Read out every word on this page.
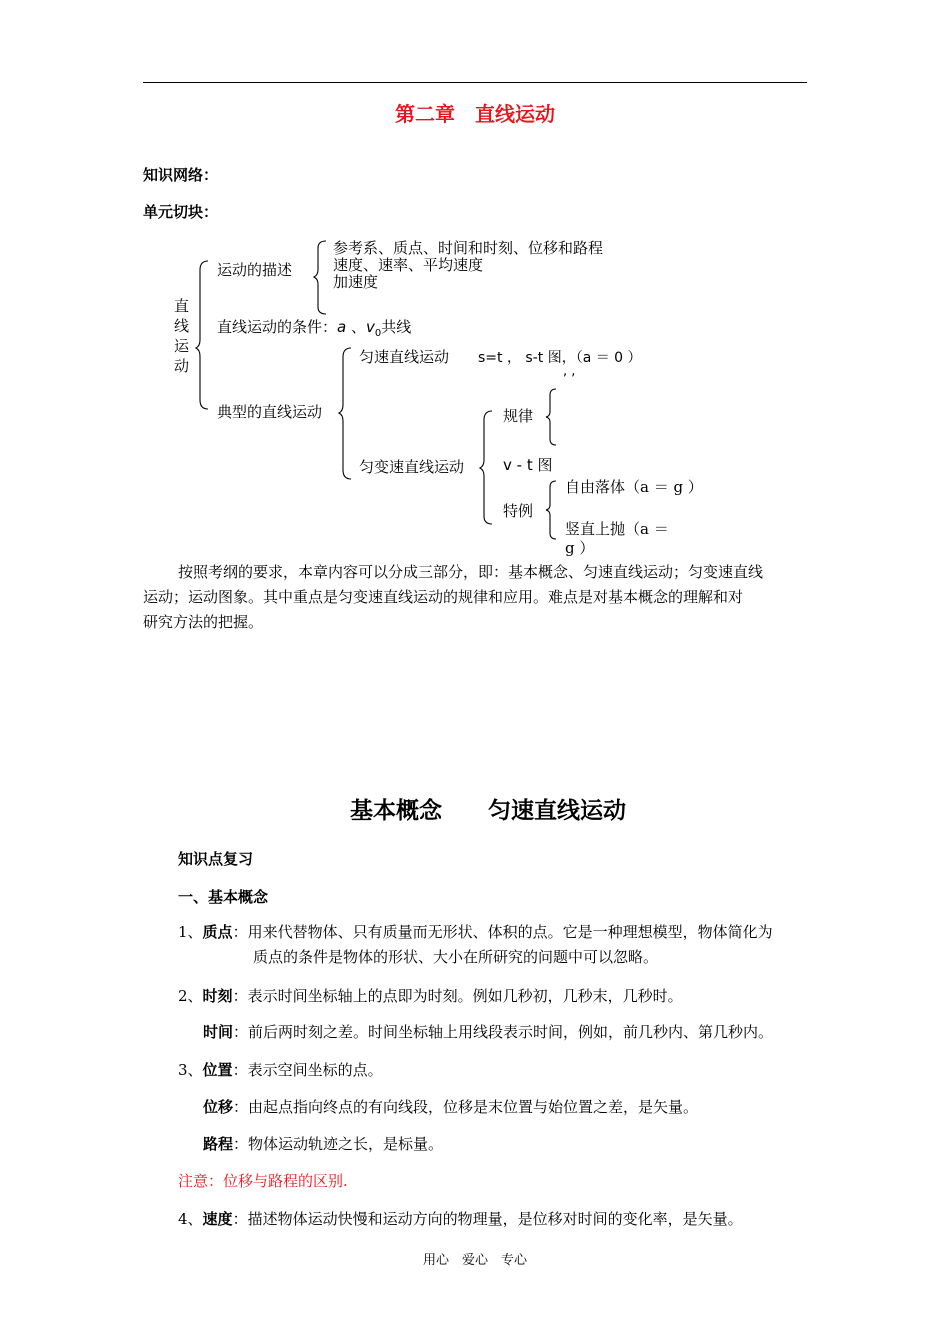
第二章　直线运动
知识网络：
单元切块：
直
线
运
动
运动的描述
参考系、质点、时间和时刻、位移和路程
速度、速率、平均速度
加速度
直线运动的条件：a 、$v_0$共线
典型的直线运动
匀速直线运动 s=t ， s-t 图，（a ＝ 0 ）
, ,
匀变速直线运动
规律
v - t 图
特例
自由落体（a ＝ g ）
竖直上抛（a ＝
g ）
按照考纲的要求，本章内容可以分成三部分，即：基本概念、匀速直线运动；匀变速直线
运动；运动图象。其中重点是匀变速直线运动的规律和应用。难点是对基本概念的理解和对
研究方法的把握。
基本概念　　匀速直线运动
知识点复习
一、基本概念
1、质点：用来代替物体、只有质量而无形状、体积的点。它是一种理想模型，物体简化为
质点的条件是物体的形状、大小在所研究的问题中可以忽略。
2、时刻：表示时间坐标轴上的点即为时刻。例如几秒初，几秒末，几秒时。
时间：前后两时刻之差。时间坐标轴上用线段表示时间，例如，前几秒内、第几秒内。
3、位置：表示空间坐标的点。
位移：由起点指向终点的有向线段，位移是末位置与始位置之差，是矢量。
路程：物体运动轨迹之长，是标量。
注意：位移与路程的区别.
4、速度：描述物体运动快慢和运动方向的物理量，是位移对时间的变化率，是矢量。
用心　爱心　专心
